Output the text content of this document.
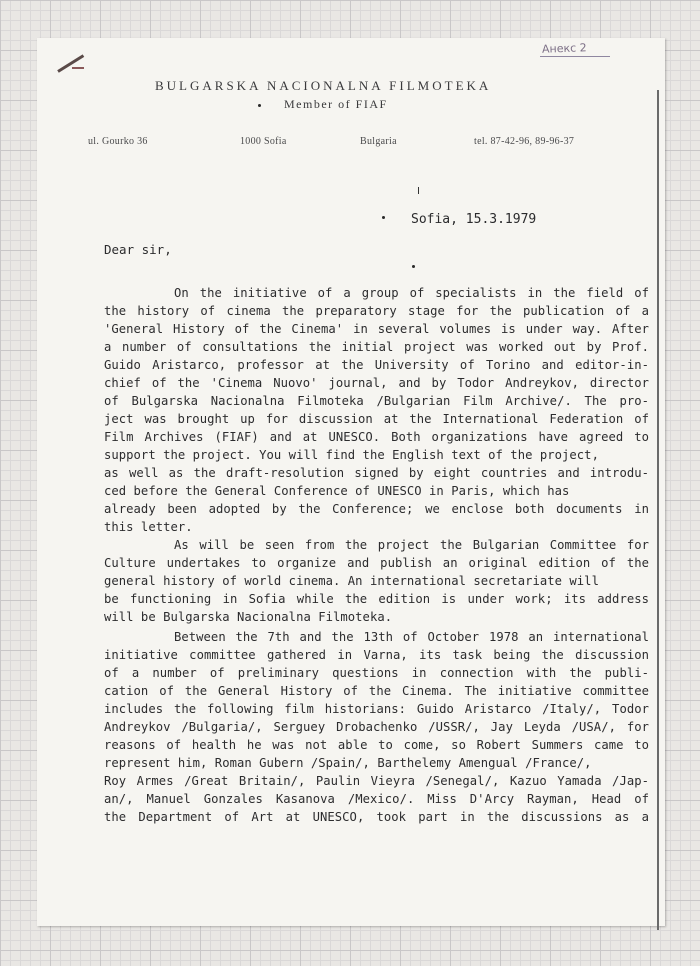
Анекс 2
BULGARSKA NACIONALNA FILMOTEKA
Member of FIAF
ul. Gourko 36	1000 Sofia	Bulgaria	tel. 87-42-96, 89-96-37
Sofia, 15.3.1979
Dear sir,
On the initiative of a group of specialists in the field of
the history of cinema the preparatory stage for the publication of a
'General History of the Cinema' in several volumes is under way. After
a number of consultations the initial project was worked out by Prof.
Guido Aristarco, professor at the University of Torino and editor-in-
chief of the 'Cinema Nuovo' journal, and by Todor Andreykov, director
of Bulgarska Nacionalna Filmoteka /Bulgarian Film Archive/. The pro-
ject was brought up for discussion at the International Federation of
Film Archives (FIAF) and at UNESCO. Both organizations have agreed to
support the project. You will find the English text of the project,
as well as the draft-resolution signed by eight countries and introdu-
ced before the General Conference of UNESCO in Paris, which has
already been adopted by the Conference; we enclose both documents in
this letter.
As will be seen from the project the Bulgarian Committee for
Culture undertakes to organize and publish an original edition of the
general history of world cinema. An international secretariate will
be functioning in Sofia while the edition is under work; its address
will be Bulgarska Nacionalna Filmoteka.
Between the 7th and the 13th of October 1978 an international
initiative committee gathered in Varna, its task being the discussion
of a number of preliminary questions in connection with the publi-
cation of the General History of the Cinema. The initiative committee
includes the following film historians: Guido Aristarco /Italy/, Todor
Andreykov /Bulgaria/, Serguey Drobachenko /USSR/, Jay Leyda /USA/, for
reasons of health he was not able to come, so Robert Summers came to
represent him, Roman Gubern /Spain/, Barthelemy Amengual /France/,
Roy Armes /Great Britain/, Paulin Vieyra /Senegal/, Kazuo Yamada /Jap-
an/, Manuel Gonzales Kasanova /Mexico/. Miss D'Arcy Rayman, Head of
the Department of Art at UNESCO, took part in the discussions as a
